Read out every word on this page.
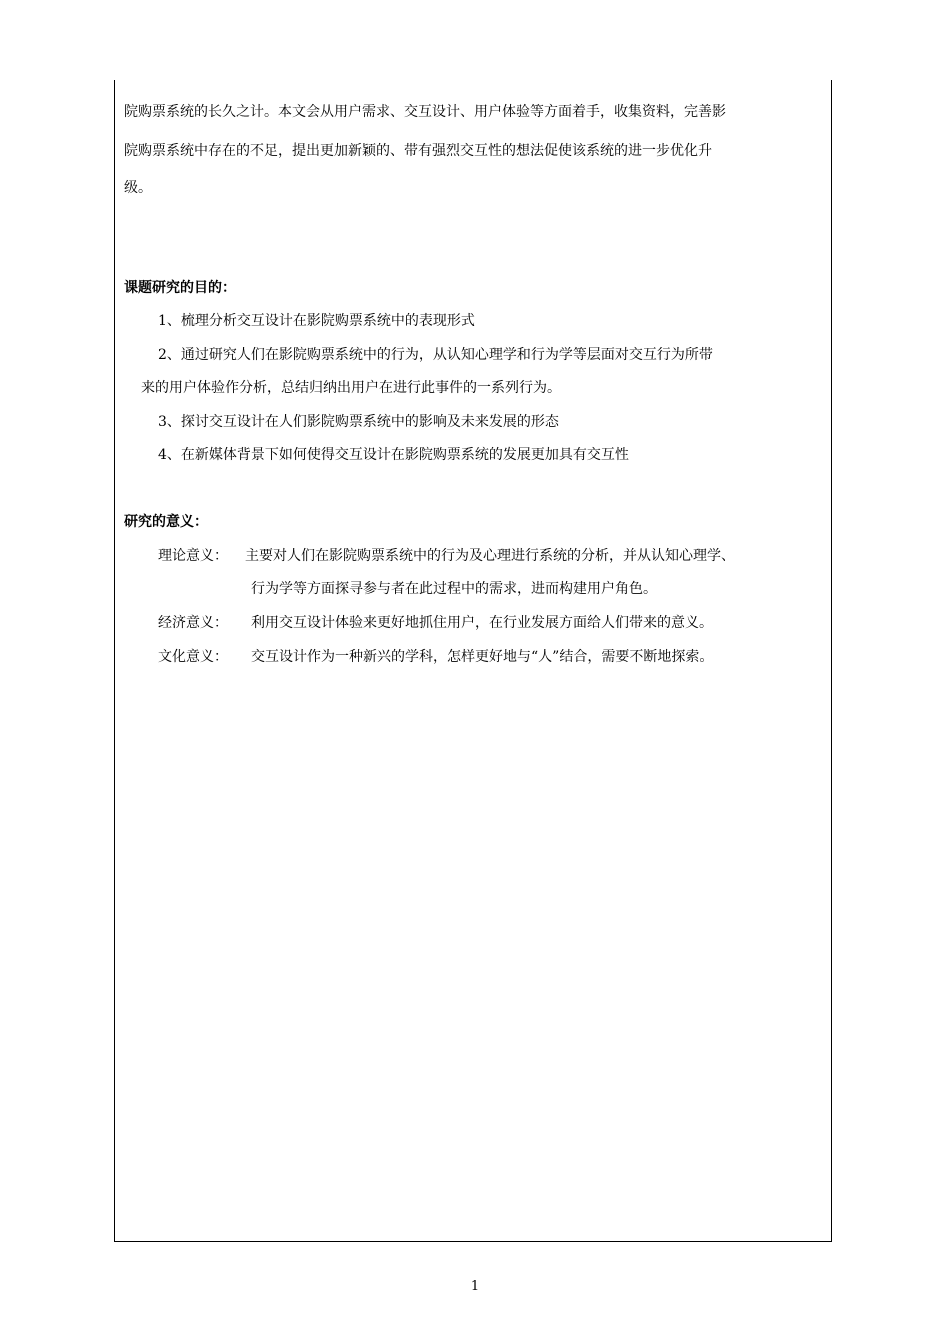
院购票系统的长久之计。本文会从用户需求、交互设计、用户体验等方面着手，收集资料，完善影
院购票系统中存在的不足，提出更加新颖的、带有强烈交互性的想法促使该系统的进一步优化升
级。
课题研究的目的：
1、梳理分析交互设计在影院购票系统中的表现形式
2、通过研究人们在影院购票系统中的行为，从认知心理学和行为学等层面对交互行为所带
来的用户体验作分析，总结归纳出用户在进行此事件的一系列行为。
3、探讨交互设计在人们影院购票系统中的影响及未来发展的形态
4、在新媒体背景下如何使得交互设计在影院购票系统的发展更加具有交互性
研究的意义：
理论意义： 主要对人们在影院购票系统中的行为及心理进行系统的分析，并从认知心理学、
行为学等方面探寻参与者在此过程中的需求，进而构建用户角色。
经济意义： 利用交互设计体验来更好地抓住用户，在行业发展方面给人们带来的意义。
文化意义： 交互设计作为一种新兴的学科，怎样更好地与“人”结合，需要不断地探索。
1
